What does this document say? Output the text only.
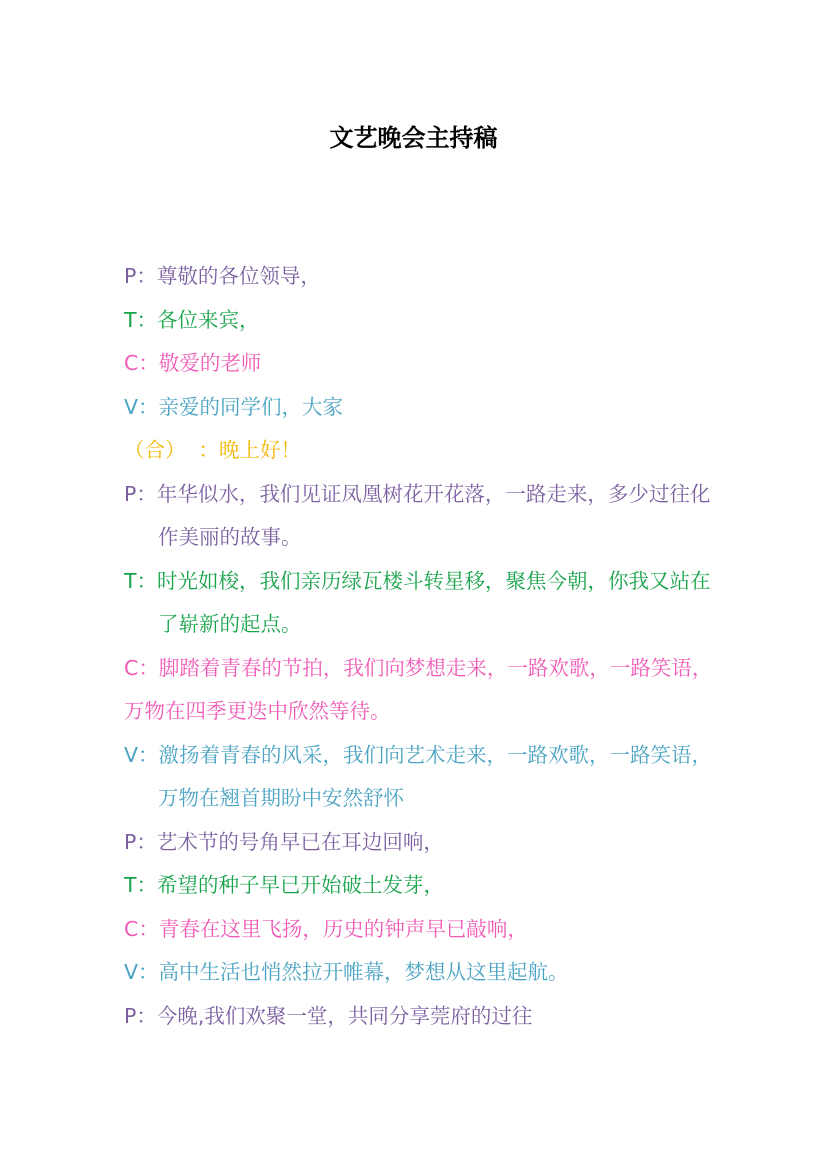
文艺晚会主持稿

P：尊敬的各位领导，

T：各位来宾，

C：敬爱的老师

V：亲爱的同学们，大家

（合）  ：晚上好！

P：年华似水，我们见证凤凰树花开花落，一路走来，多少过往化作美丽的故事。

T：时光如梭，我们亲历绿瓦楼斗转星移，聚焦今朝，你我又站在了崭新的起点。

C：脚踏着青春的节拍，我们向梦想走来，一路欢歌，一路笑语，万物在四季更迭中欣然等待。

V：激扬着青春的风采，我们向艺术走来，一路欢歌，一路笑语，万物在翘首期盼中安然舒怀

P：艺术节的号角早已在耳边回响，

T：希望的种子早已开始破土发芽，

C：青春在这里飞扬，历史的钟声早已敲响，

V：高中生活也悄然拉开帷幕，梦想从这里起航。

P：今晚,我们欢聚一堂，共同分享莞府的过往
